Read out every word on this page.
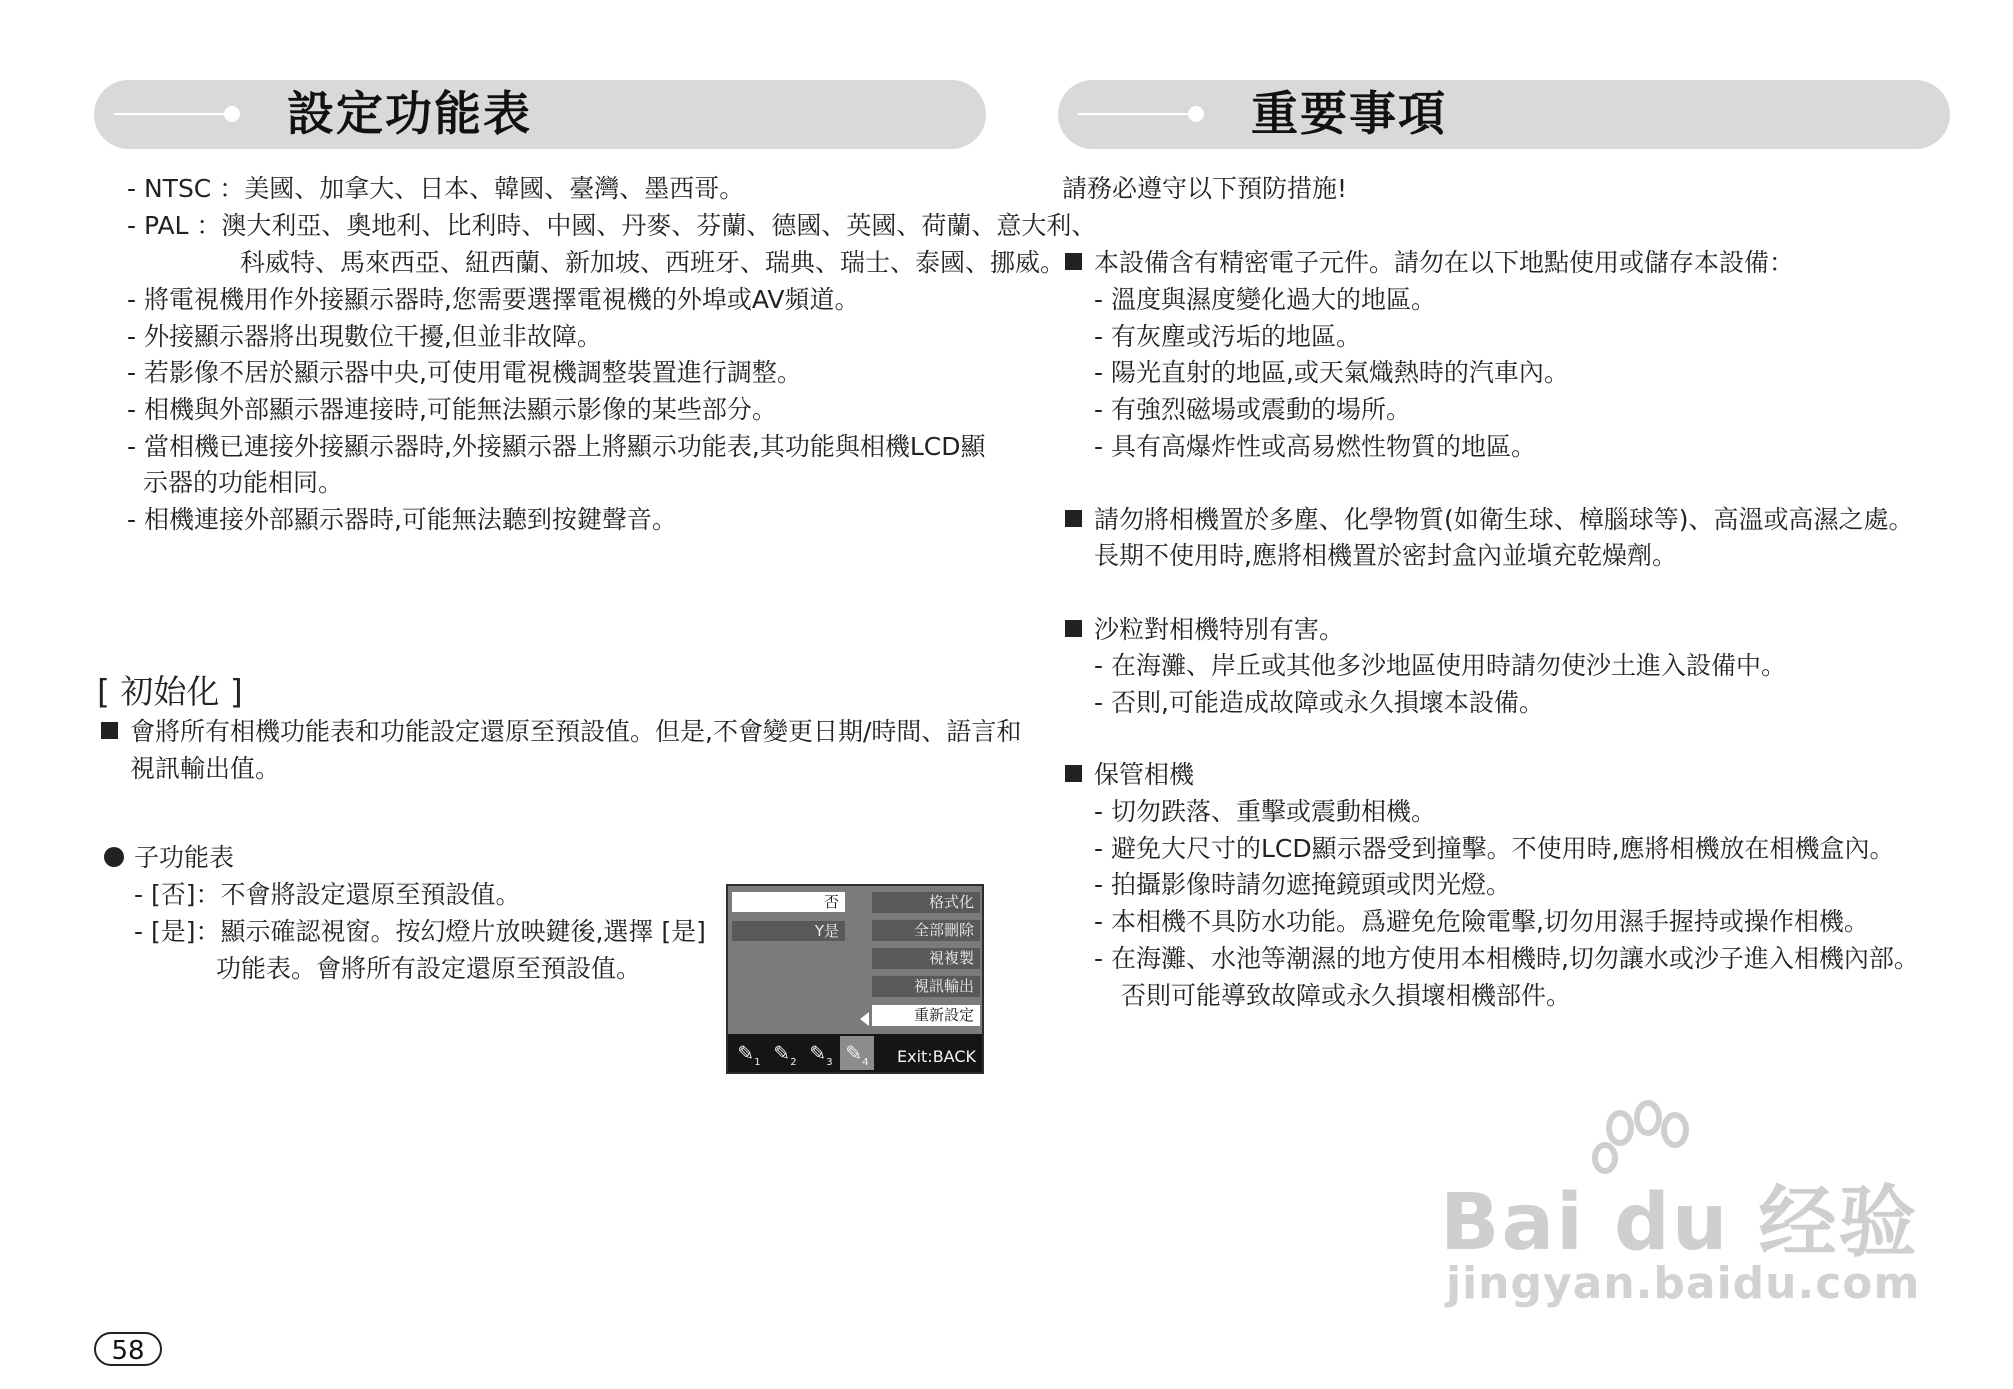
設定功能表
- NTSC ：美國、加拿大、日本、韓國、臺灣、墨西哥。
- PAL ：澳大利亞、奧地利、比利時、中國、丹麥、芬蘭、德國、英國、荷蘭、意大利、
科威特、馬來西亞、紐西蘭、新加坡、西班牙、瑞典、瑞士、泰國、挪威。
- 將電視機用作外接顯示器時,您需要選擇電視機的外埠或AV頻道。
- 外接顯示器將出現數位干擾,但並非故障。
- 若影像不居於顯示器中央,可使用電視機調整裝置進行調整。
- 相機與外部顯示器連接時,可能無法顯示影像的某些部分。
- 當相機已連接外接顯示器時,外接顯示器上將顯示功能表,其功能與相機LCD顯
示器的功能相同。
- 相機連接外部顯示器時,可能無法聽到按鍵聲音。
[ 初始化 ]
會將所有相機功能表和功能設定還原至預設值。但是,不會變更日期/時間、語言和
視訊輸出值。
子功能表
- [否]：不會將設定還原至預設值。
- [是]：顯示確認視窗。按幻燈片放映鍵後,選擇 [是]
功能表。會將所有設定還原至預設值。
否
Y是
格式化
全部刪除
視複製
視訊輸出
重新設定
$✎_1$ $✎_2$ $✎_3$ $✎_4$	Exit:BACK
58
重要事項
請務必遵守以下預防措施!
本設備含有精密電子元件。請勿在以下地點使用或儲存本設備：
- 溫度與濕度變化過大的地區。
- 有灰塵或汚垢的地區。
- 陽光直射的地區,或天氣熾熱時的汽車內。
- 有強烈磁場或震動的場所。
- 具有高爆炸性或高易燃性物質的地區。
請勿將相機置於多塵、化學物質(如衛生球、樟腦球等)、高溫或高濕之處。
長期不使用時,應將相機置於密封盒內並塡充乾燥劑。
沙粒對相機特別有害。
- 在海灘、岸丘或其他多沙地區使用時請勿使沙土進入設備中。
- 否則,可能造成故障或永久損壞本設備。
保管相機
- 切勿跌落、重擊或震動相機。
- 避免大尺寸的LCD顯示器受到撞擊。不使用時,應將相機放在相機盒內。
- 拍攝影像時請勿遮掩鏡頭或閃光燈。
- 本相機不具防水功能。爲避免危險電擊,切勿用濕手握持或操作相機。
- 在海灘、水池等潮濕的地方使用本相機時,切勿讓水或沙子進入相機內部。
否則可能導致故障或永久損壞相機部件。
Bai du 经验
jingyan.baidu.com
